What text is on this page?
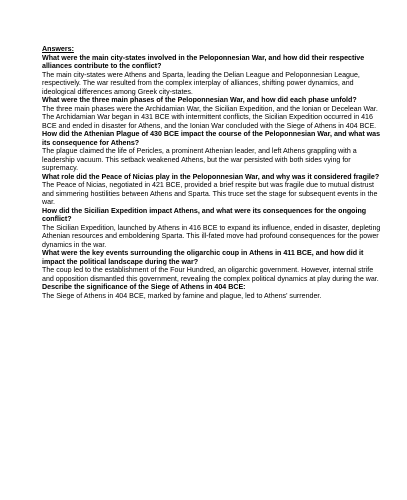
Answers:

What were the main city-states involved in the Peloponnesian War, and how did their respective alliances contribute to the conflict?

The main city-states were Athens and Sparta, leading the Delian League and Peloponnesian League, respectively. The war resulted from the complex interplay of alliances, shifting power dynamics, and ideological differences among Greek city-states.

What were the three main phases of the Peloponnesian War, and how did each phase unfold?

The three main phases were the Archidamian War, the Sicilian Expedition, and the Ionian or Decelean War. The Archidamian War began in 431 BCE with intermittent conflicts, the Sicilian Expedition occurred in 416 BCE and ended in disaster for Athens, and the Ionian War concluded with the Siege of Athens in 404 BCE.

How did the Athenian Plague of 430 BCE impact the course of the Peloponnesian War, and what was its consequence for Athens?

The plague claimed the life of Pericles, a prominent Athenian leader, and left Athens grappling with a leadership vacuum. This setback weakened Athens, but the war persisted with both sides vying for supremacy.

What role did the Peace of Nicias play in the Peloponnesian War, and why was it considered fragile?

The Peace of Nicias, negotiated in 421 BCE, provided a brief respite but was fragile due to mutual distrust and simmering hostilities between Athens and Sparta. This truce set the stage for subsequent events in the war.

How did the Sicilian Expedition impact Athens, and what were its consequences for the ongoing conflict?

The Sicilian Expedition, launched by Athens in 416 BCE to expand its influence, ended in disaster, depleting Athenian resources and emboldening Sparta. This ill-fated move had profound consequences for the power dynamics in the war.

What were the key events surrounding the oligarchic coup in Athens in 411 BCE, and how did it impact the political landscape during the war?

The coup led to the establishment of the Four Hundred, an oligarchic government. However, internal strife and opposition dismantled this government, revealing the complex political dynamics at play during the war.

Describe the significance of the Siege of Athens in 404 BCE:

The Siege of Athens in 404 BCE, marked by famine and plague, led to Athens' surrender.
